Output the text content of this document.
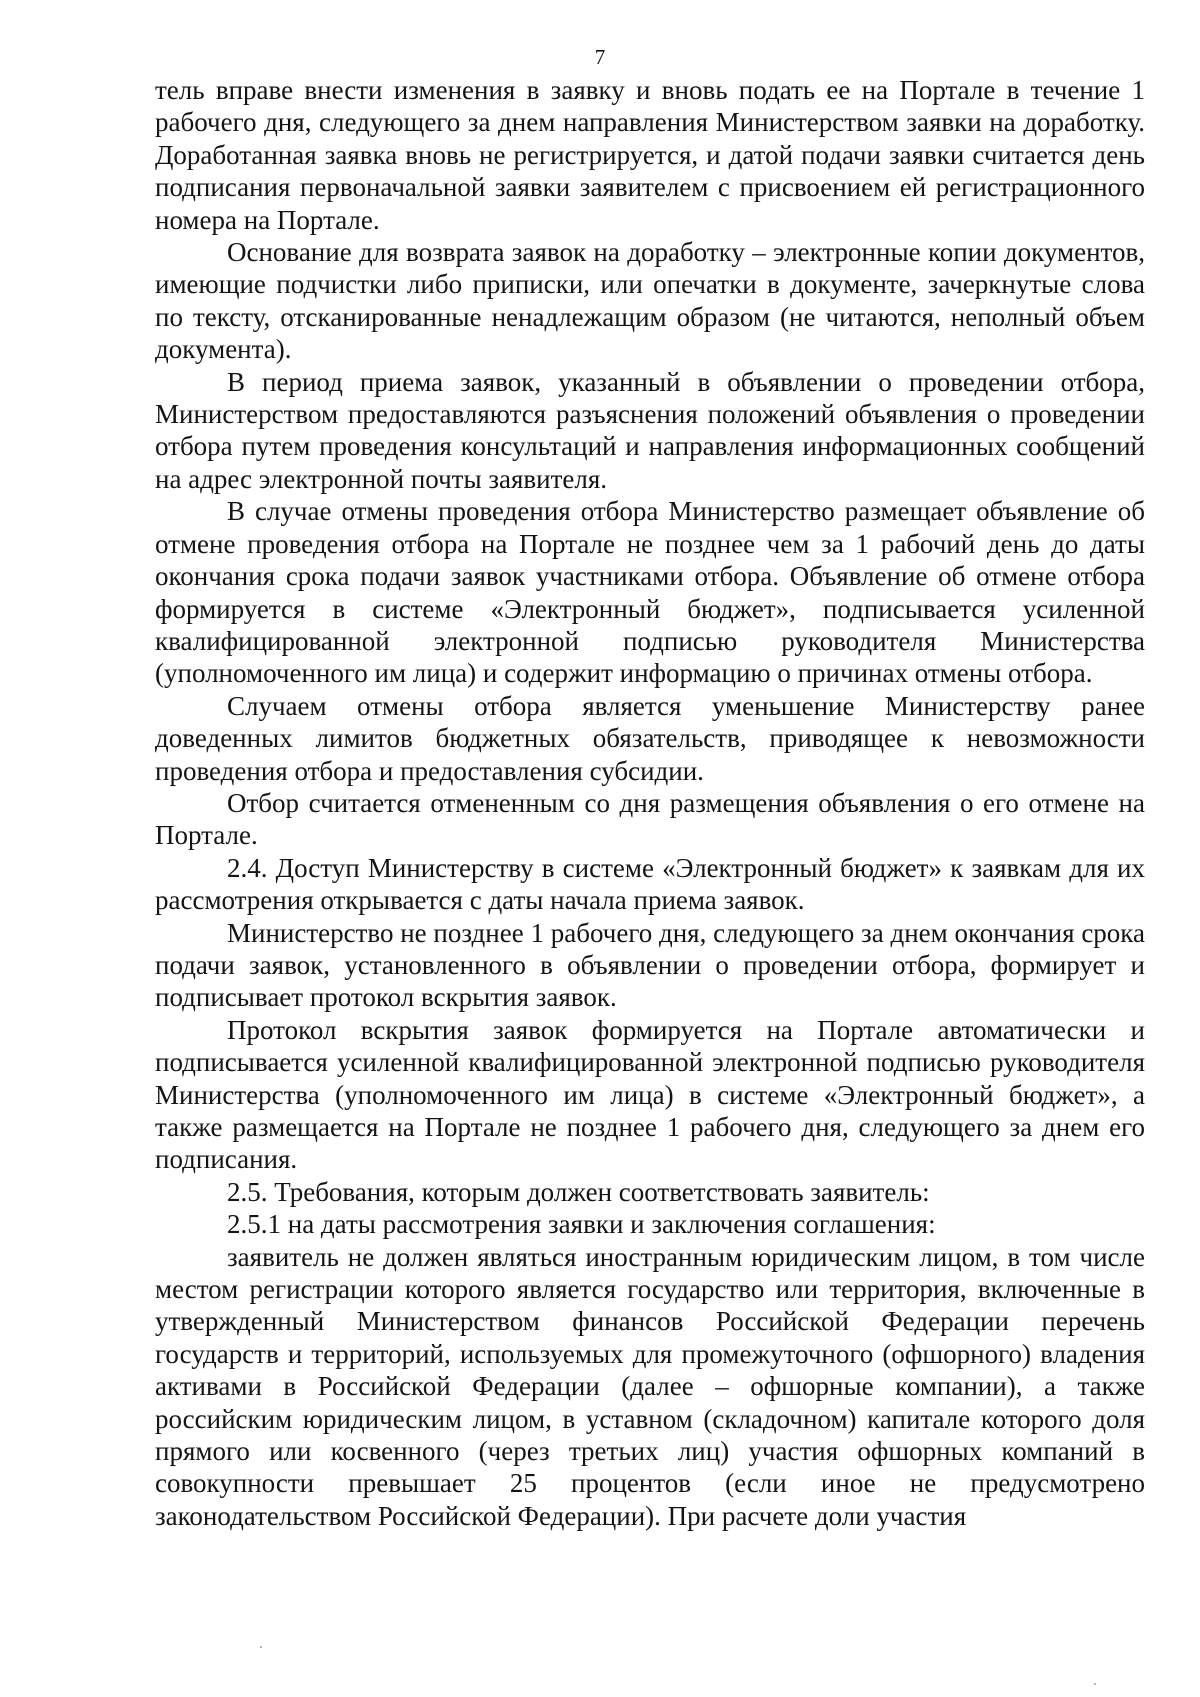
7

тель вправе внести изменения в заявку и вновь подать ее на Портале в течение 1 рабочего дня, следующего за днем направления Министерством заявки на доработку. Доработанная заявка вновь не регистрируется, и датой подачи заявки считается день подписания первоначальной заявки заявителем с присвоением ей регистрационного номера на Портале.

Основание для возврата заявок на доработку – электронные копии документов, имеющие подчистки либо приписки, или опечатки в документе, зачеркнутые слова по тексту, отсканированные ненадлежащим образом (не читаются, неполный объем документа).

В период приема заявок, указанный в объявлении о проведении отбора, Министерством предоставляются разъяснения положений объявления о проведении отбора путем проведения консультаций и направления информационных сообщений на адрес электронной почты заявителя.

В случае отмены проведения отбора Министерство размещает объявление об отмене проведения отбора на Портале не позднее чем за 1 рабочий день до даты окончания срока подачи заявок участниками отбора. Объявление об отмене отбора формируется в системе «Электронный бюджет», подписывается усиленной квалифицированной электронной подписью руководителя Министерства (уполномоченного им лица) и содержит информацию о причинах отмены отбора.

Случаем отмены отбора является уменьшение Министерству ранее доведенных лимитов бюджетных обязательств, приводящее к невозможности проведения отбора и предоставления субсидии.

Отбор считается отмененным со дня размещения объявления о его отмене на Портале.

2.4. Доступ Министерству в системе «Электронный бюджет» к заявкам для их рассмотрения открывается с даты начала приема заявок.

Министерство не позднее 1 рабочего дня, следующего за днем окончания срока подачи заявок, установленного в объявлении о проведении отбора, формирует и подписывает протокол вскрытия заявок.

Протокол вскрытия заявок формируется на Портале автоматически и подписывается усиленной квалифицированной электронной подписью руководителя Министерства (уполномоченного им лица) в системе «Электронный бюджет», а также размещается на Портале не позднее 1 рабочего дня, следующего за днем его подписания.

2.5. Требования, которым должен соответствовать заявитель:

2.5.1 на даты рассмотрения заявки и заключения соглашения:

заявитель не должен являться иностранным юридическим лицом, в том числе местом регистрации которого является государство или территория, включенные в утвержденный Министерством финансов Российской Федерации перечень государств и территорий, используемых для промежуточного (офшорного) владения активами в Российской Федерации (далее – офшорные компании), а также российским юридическим лицом, в уставном (складочном) капитале которого доля прямого или косвенного (через третьих лиц) участия офшорных компаний в совокупности превышает 25 процентов (если иное не предусмотрено законодательством Российской Федерации). При расчете доли участия
